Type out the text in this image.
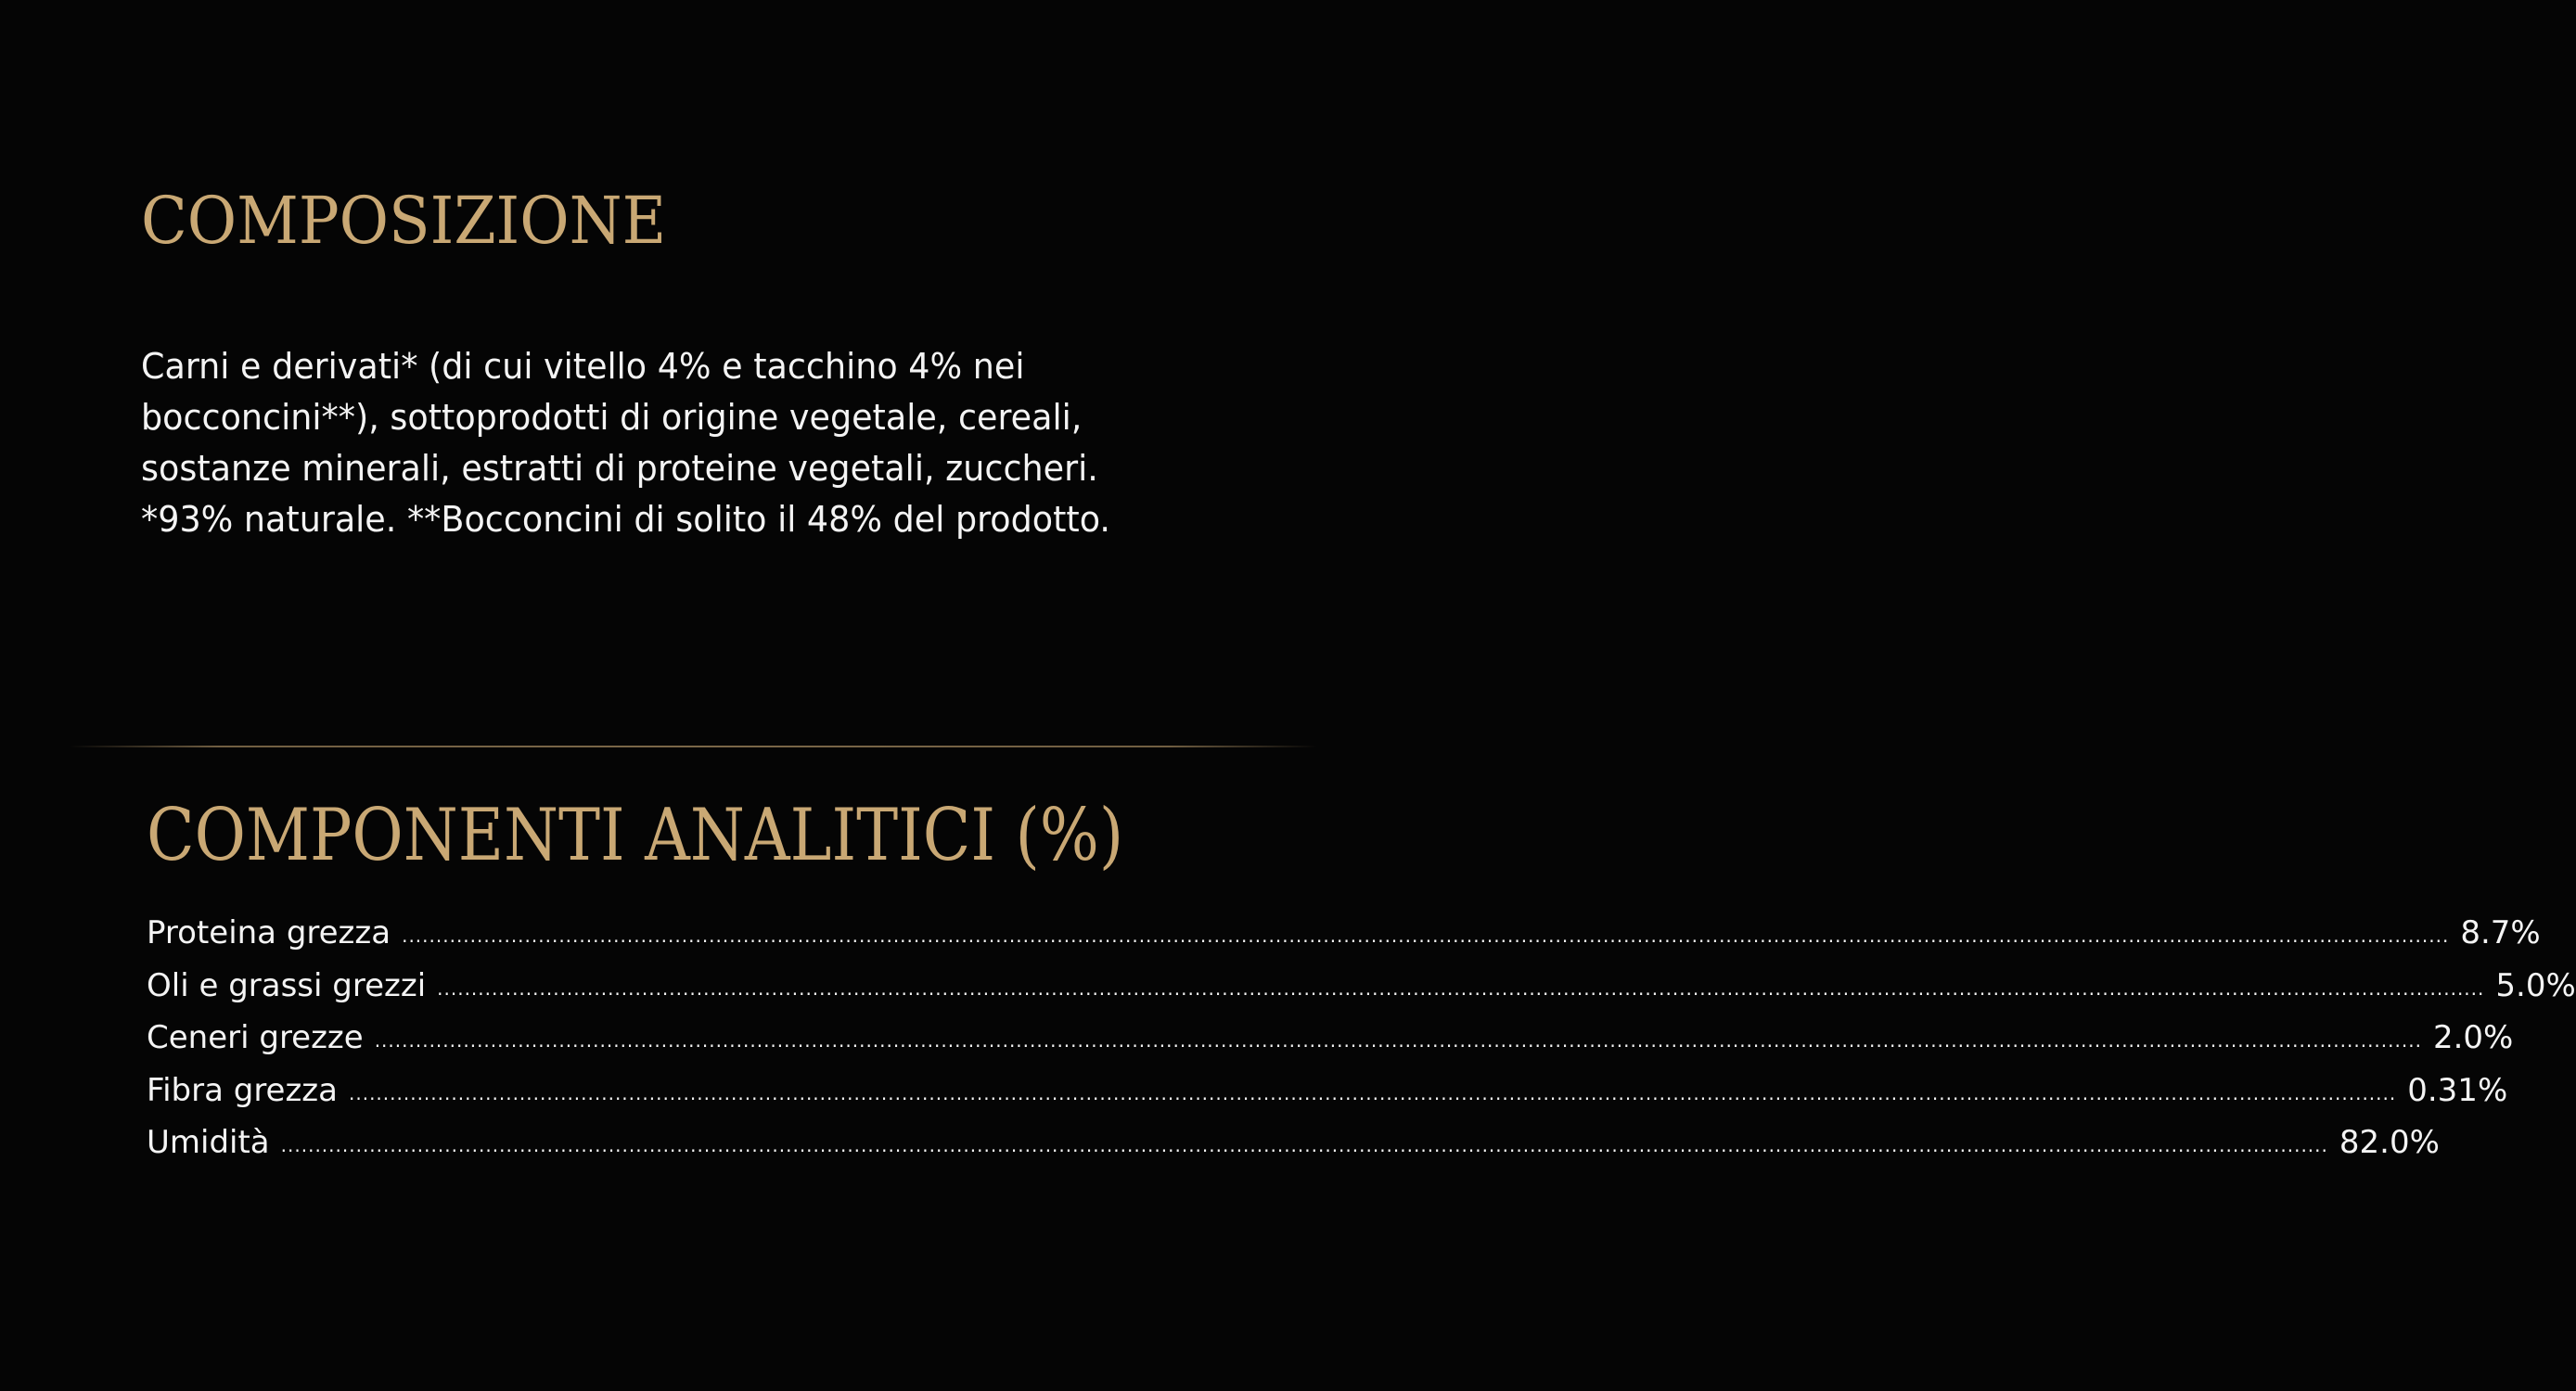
COMPOSIZIONE

Carni e derivati* (di cui vitello 4% e tacchino 4% nei
bocconcini**), sottoprodotti di origine vegetale, cereali,
sostanze minerali, estratti di proteine vegetali, zuccheri.
*93% naturale. **Bocconcini di solito il 48% del prodotto.

COMPONENTI ANALITICI (%)
Proteina grezza ............................................................................................................................................................................................................................................................................................................ 8.7%
Oli e grassi grezzi ............................................................................................................................................................................................................................................................................................................ 5.0%
Ceneri grezze ............................................................................................................................................................................................................................................................................................................ 2.0%
Fibra grezza ............................................................................................................................................................................................................................................................................................................ 0.31%
Umidità ............................................................................................................................................................................................................................................................................................................ 82.0%
